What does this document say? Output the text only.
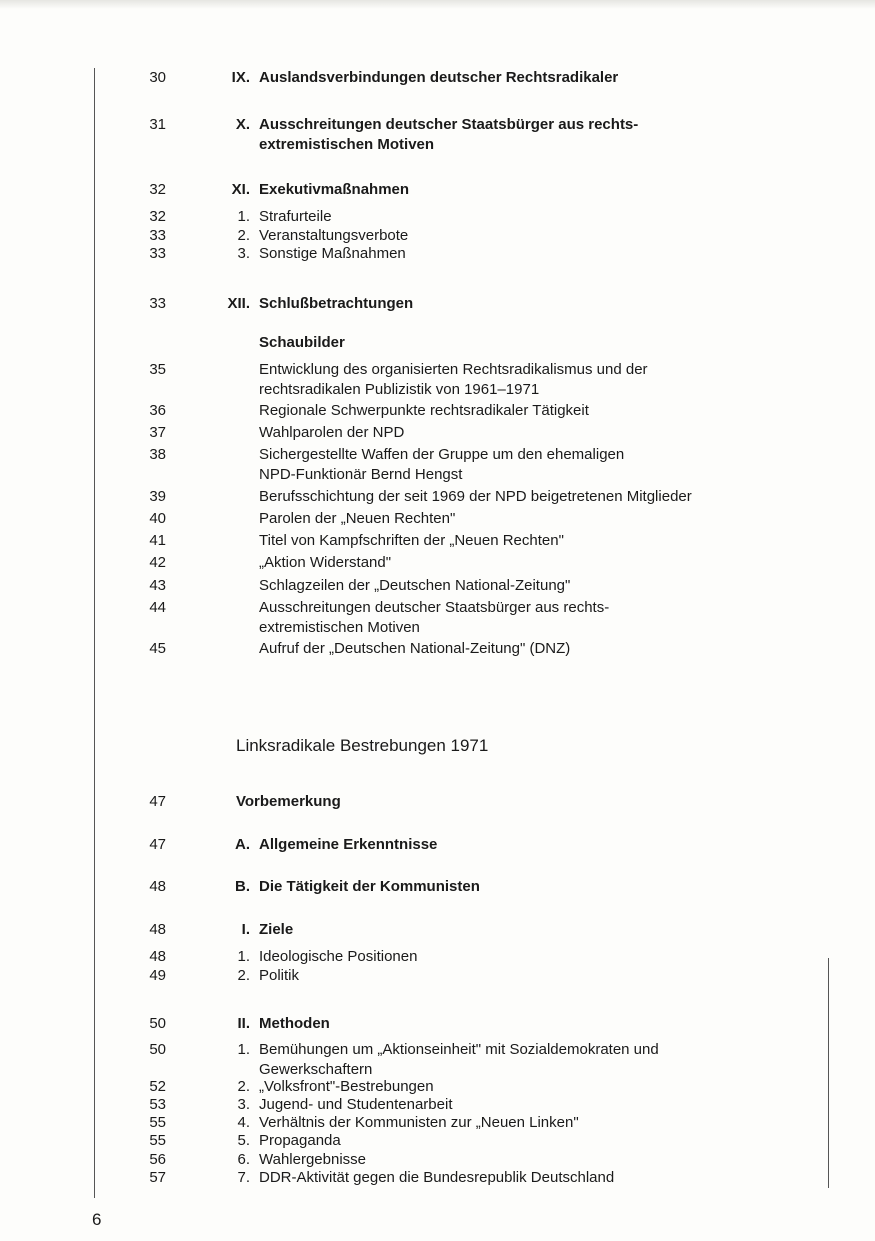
30	IX. Auslandsverbindungen deutscher Rechtsradikaler
31	X. Ausschreitungen deutscher Staatsbürger aus rechts-
extremistischen Motiven
32	XI. Exekutivmaßnahmen
32	1. Strafurteile
33	2. Veranstaltungsverbote
33	3. Sonstige Maßnahmen
33	XII. Schlußbetrachtungen
Schaubilder
35	Entwicklung des organisierten Rechtsradikalismus und der
rechtsradikalen Publizistik von 1961–1971
36	Regionale Schwerpunkte rechtsradikaler Tätigkeit
37	Wahlparolen der NPD
38	Sichergestellte Waffen der Gruppe um den ehemaligen
NPD-Funktionär Bernd Hengst
39	Berufsschichtung der seit 1969 der NPD beigetretenen Mitglieder
40	Parolen der „Neuen Rechten"
41	Titel von Kampfschriften der „Neuen Rechten"
42	„Aktion Widerstand"
43	Schlagzeilen der „Deutschen National-Zeitung"
44	Ausschreitungen deutscher Staatsbürger aus rechts-
extremistischen Motiven
45	Aufruf der „Deutschen National-Zeitung" (DNZ)
Linksradikale Bestrebungen 1971
47	Vorbemerkung
47	A. Allgemeine Erkenntnisse
48	B. Die Tätigkeit der Kommunisten
48	I. Ziele
48	1. Ideologische Positionen
49	2. Politik
50	II. Methoden
50	1. Bemühungen um „Aktionseinheit" mit Sozialdemokraten und
Gewerkschaftern
52	2. „Volksfront"-Bestrebungen
53	3. Jugend- und Studentenarbeit
55	4. Verhältnis der Kommunisten zur „Neuen Linken"
55	5. Propaganda
56	6. Wahlergebnisse
57	7. DDR-Aktivität gegen die Bundesrepublik Deutschland
6
